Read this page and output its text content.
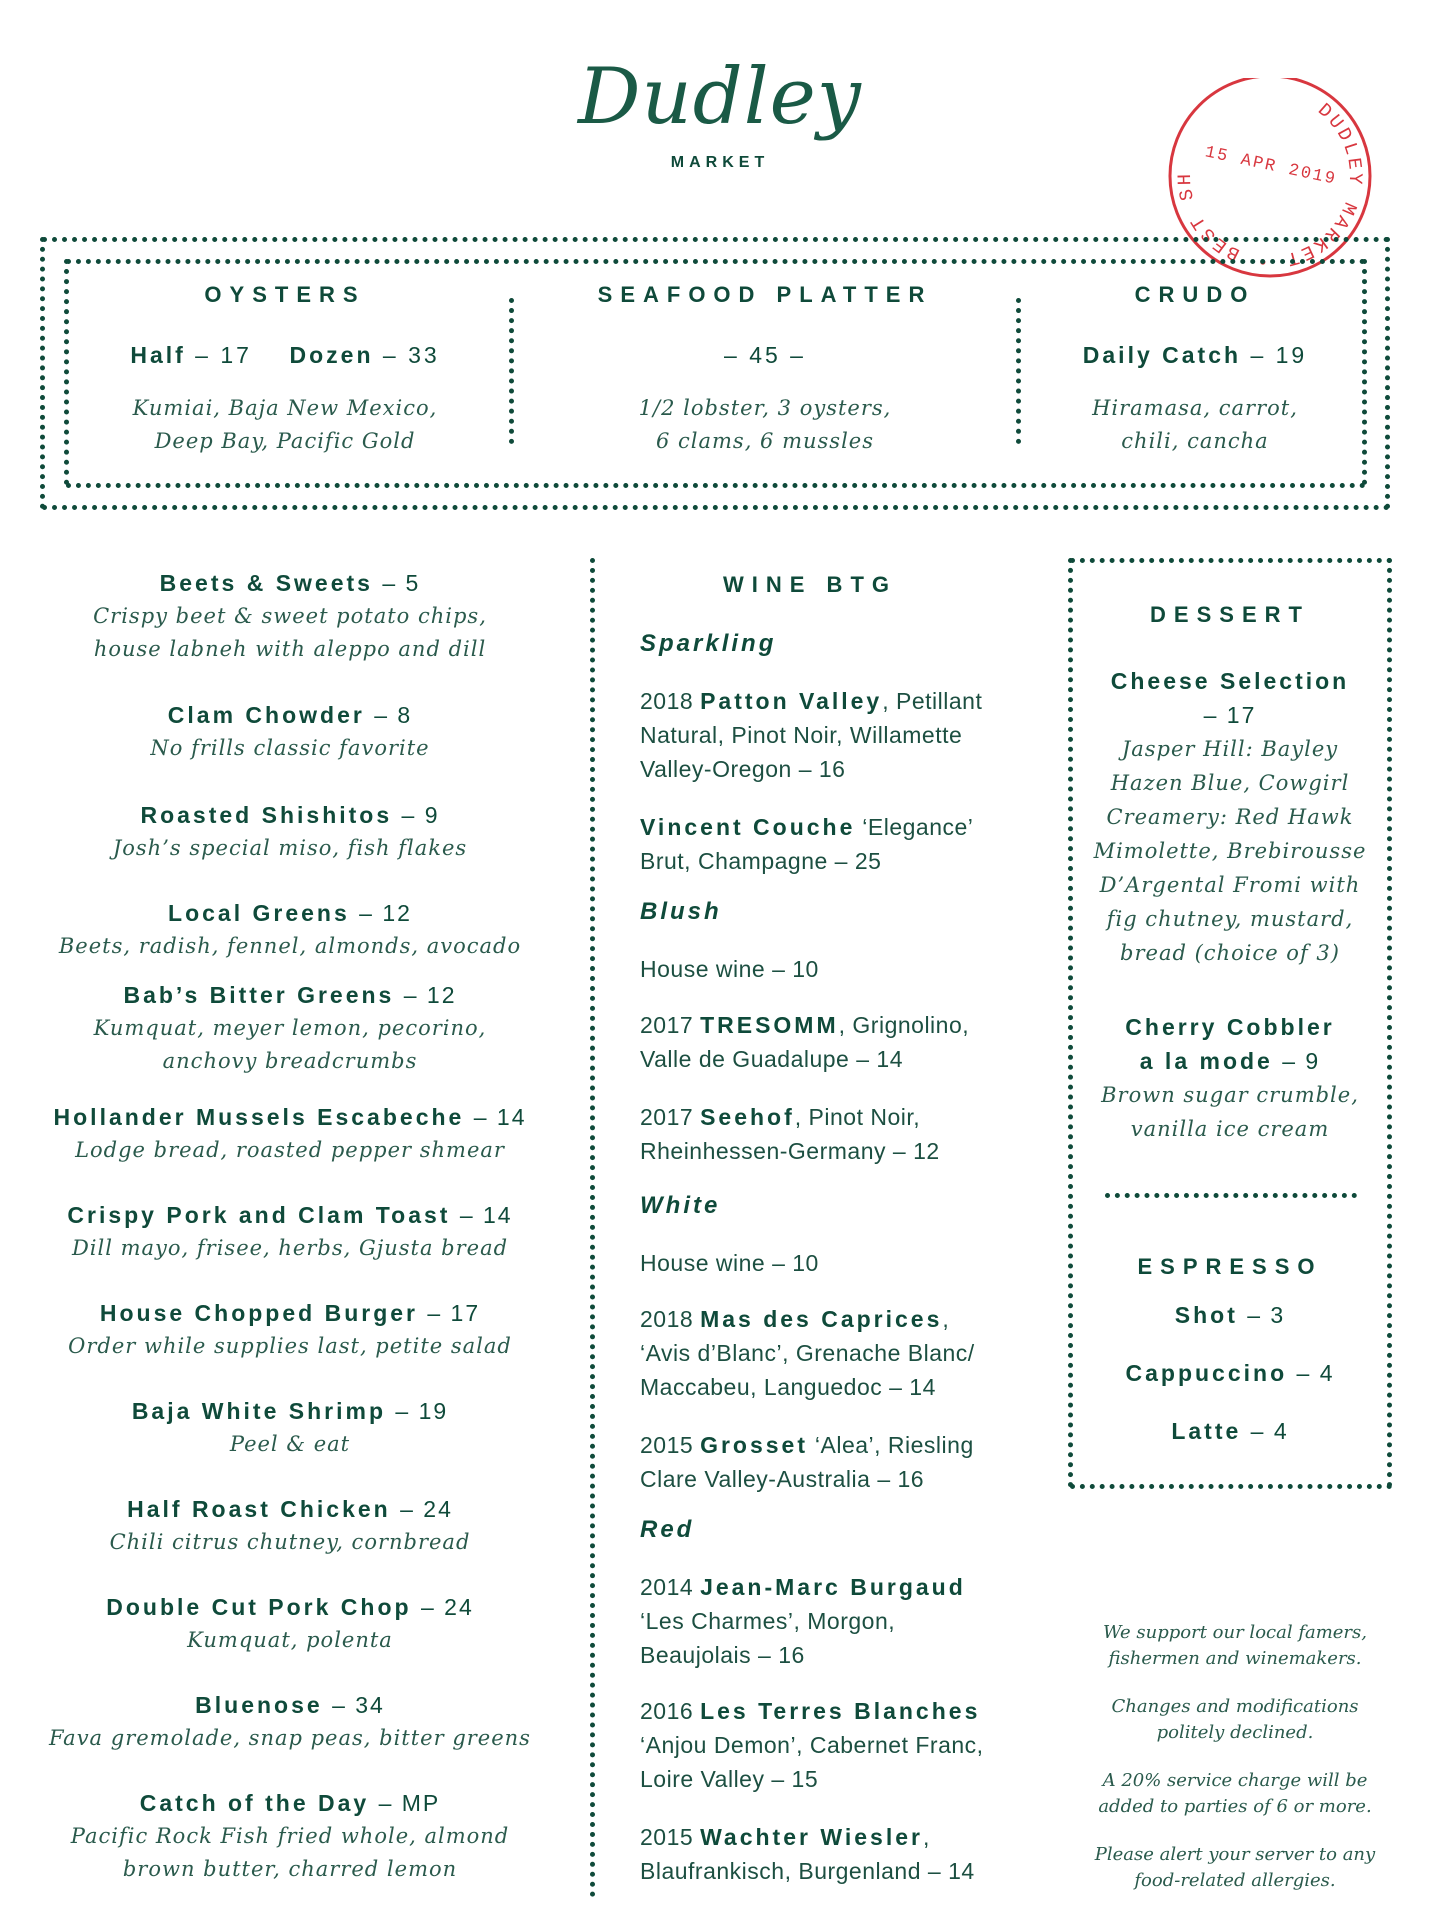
Dudley
MARKET
DUDLEY MARKET • BEST SH 15 APR 2019
OYSTERS
Half – 17 Dozen – 33
Kumiai, Baja New Mexico,
Deep Bay, Pacific Gold
SEAFOOD PLATTER
– 45 –
1/2 lobster, 3 oysters,
6 clams, 6 mussles
CRUDO
Daily Catch – 19
Hiramasa, carrot,
chili, cancha
Beets & Sweets – 5
Crispy beet & sweet potato chips,
house labneh with aleppo and dill
Clam Chowder – 8
No frills classic favorite
Roasted Shishitos – 9
Josh’s special miso, fish flakes
Local Greens – 12
Beets, radish, fennel, almonds, avocado
Bab’s Bitter Greens – 12
Kumquat, meyer lemon, pecorino,
anchovy breadcrumbs
Hollander Mussels Escabeche – 14
Lodge bread, roasted pepper shmear
Crispy Pork and Clam Toast – 14
Dill mayo, frisee, herbs, Gjusta bread
House Chopped Burger – 17
Order while supplies last, petite salad
Baja White Shrimp – 19
Peel & eat
Half Roast Chicken – 24
Chili citrus chutney, cornbread
Double Cut Pork Chop – 24
Kumquat, polenta
Bluenose – 34
Fava gremolade, snap peas, bitter greens
Catch of the Day – MP
Pacific Rock Fish fried whole, almond
brown butter, charred lemon
WINE BTG
Sparkling
2018 Patton Valley, Petillant
Natural, Pinot Noir, Willamette
Valley-Oregon – 16
Vincent Couche ‘Elegance’
Brut, Champagne – 25
Blush
House wine – 10
2017 TRESOMM, Grignolino,
Valle de Guadalupe – 14
2017 Seehof, Pinot Noir,
Rheinhessen-Germany – 12
White
House wine – 10
2018 Mas des Caprices,
‘Avis d’Blanc’, Grenache Blanc/
Maccabeu, Languedoc – 14
2015 Grosset ‘Alea’, Riesling
Clare Valley-Australia – 16
Red
2014 Jean-Marc Burgaud
‘Les Charmes’, Morgon,
Beaujolais – 16
2016 Les Terres Blanches
‘Anjou Demon’, Cabernet Franc,
Loire Valley – 15
2015 Wachter Wiesler,
Blaufrankisch, Burgenland – 14
DESSERT
Cheese Selection
– 17
Jasper Hill: Bayley
Hazen Blue, Cowgirl
Creamery: Red Hawk
Mimolette, Brebirousse
D’Argental Fromi with
fig chutney, mustard,
bread (choice of 3)
Cherry Cobbler
a la mode – 9
Brown sugar crumble,
vanilla ice cream
ESPRESSO
Shot – 3
Cappuccino – 4
Latte – 4
We support our local famers,
fishermen and winemakers.
Changes and modifications
politely declined.
A 20% service charge will be
added to parties of 6 or more.
Please alert your server to any
food-related allergies.
